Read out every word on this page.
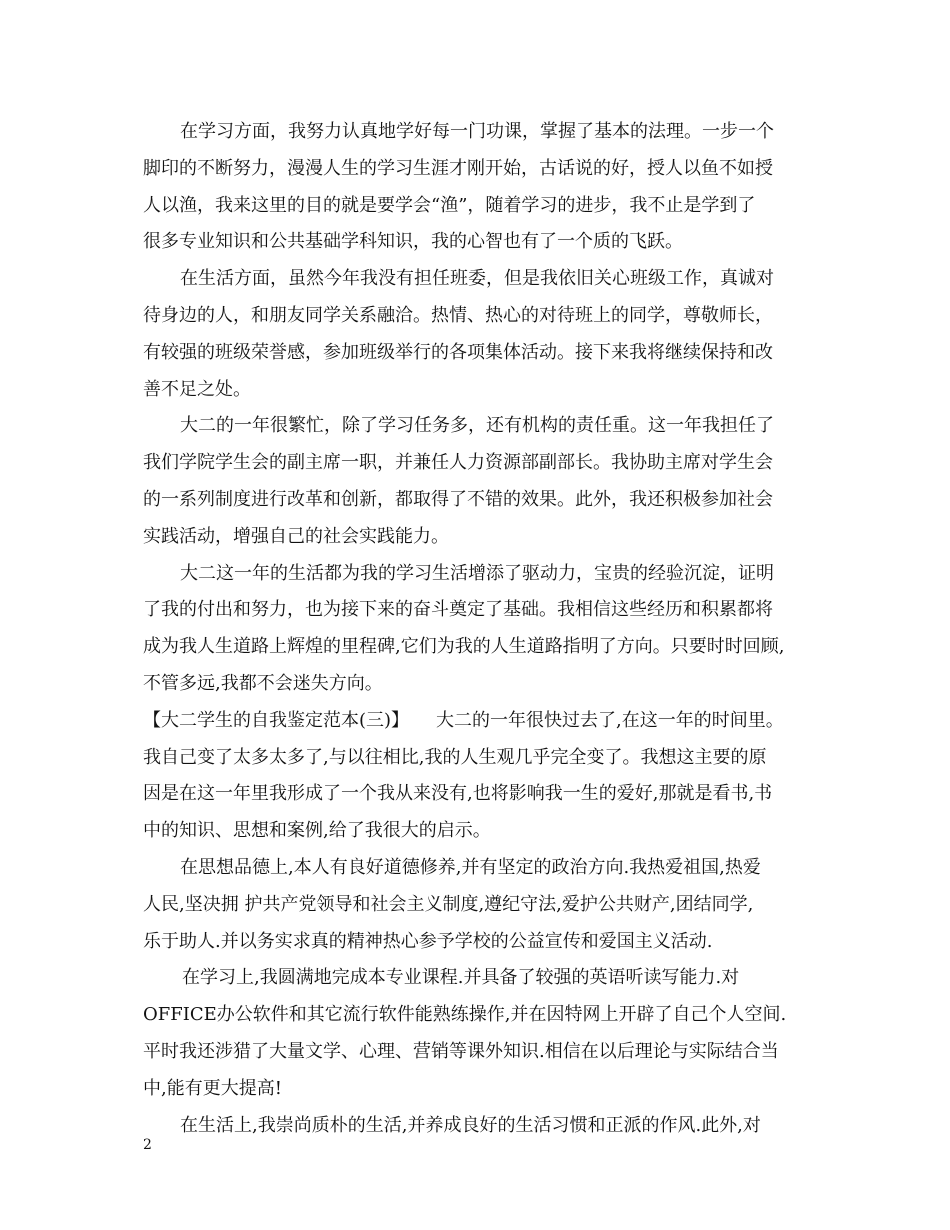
在学习方面，我努力认真地学好每一门功课，掌握了基本的法理。一步一个
脚印的不断努力，漫漫人生的学习生涯才刚开始，古话说的好，授人以鱼不如授
人以渔，我来这里的目的就是要学会“渔”，随着学习的进步，我不止是学到了
很多专业知识和公共基础学科知识，我的心智也有了一个质的飞跃。
在生活方面，虽然今年我没有担任班委，但是我依旧关心班级工作，真诚对
待身边的人，和朋友同学关系融洽。热情、热心的对待班上的同学，尊敬师长，
有较强的班级荣誉感，参加班级举行的各项集体活动。接下来我将继续保持和改
善不足之处。
大二的一年很繁忙，除了学习任务多，还有机构的责任重。这一年我担任了
我们学院学生会的副主席一职，并兼任人力资源部副部长。我协助主席对学生会
的一系列制度进行改革和创新，都取得了不错的效果。此外，我还积极参加社会
实践活动，增强自己的社会实践能力。
大二这一年的生活都为我的学习生活增添了驱动力，宝贵的经验沉淀，证明
了我的付出和努力，也为接下来的奋斗奠定了基础。我相信这些经历和积累都将
成为我人生道路上辉煌的里程碑,它们为我的人生道路指明了方向。只要时时回顾,
不管多远,我都不会迷失方向。
【大二学生的自我鉴定范本(三)】　　大二的一年很快过去了,在这一年的时间里。
我自己变了太多太多了,与以往相比,我的人生观几乎完全变了。我想这主要的原
因是在这一年里我形成了一个我从来没有,也将影响我一生的爱好,那就是看书,书
中的知识、思想和案例,给了我很大的启示。
在思想品德上,本人有良好道德修养,并有坚定的政治方向.我热爱祖国,热爱
人民,坚决拥 护共产党领导和社会主义制度,遵纪守法,爱护公共财产,团结同学,
乐于助人.并以务实求真的精神热心参予学校的公益宣传和爱国主义活动.
在学习上,我圆满地完成本专业课程.并具备了较强的英语听读写能力.对
OFFICE办公软件和其它流行软件能熟练操作,并在因特网上开辟了自己个人空间.
平时我还涉猎了大量文学、心理、营销等课外知识.相信在以后理论与实际结合当
中,能有更大提高!
在生活上,我崇尚质朴的生活,并养成良好的生活习惯和正派的作风.此外,对
2
